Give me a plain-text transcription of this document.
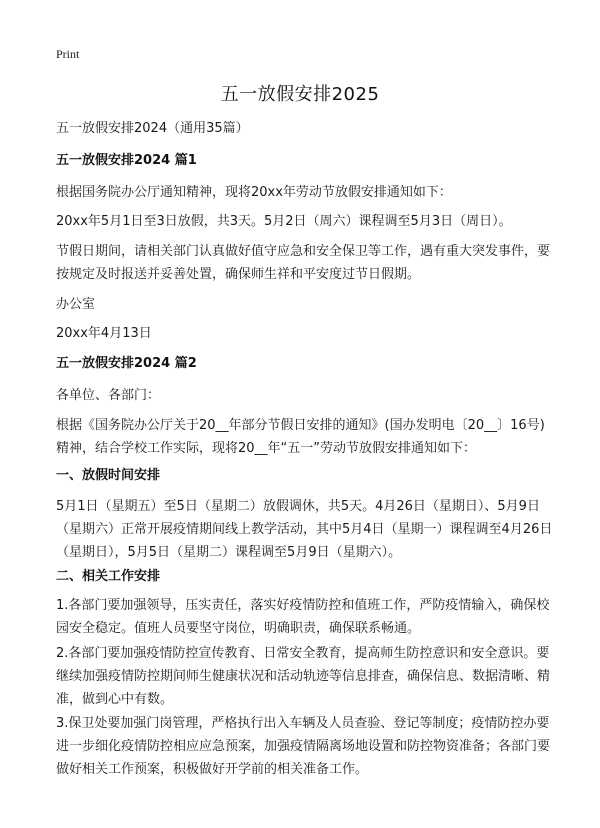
Print
五一放假安排2025
五一放假安排2024（通用35篇）
五一放假安排2024 篇1
根据国务院办公厅通知精神，现将20xx年劳动节放假安排通知如下：
20xx年5月1日至3日放假，共3天。5月2日（周六）课程调至5月3日（周日）。
节假日期间，请相关部门认真做好值守应急和安全保卫等工作，遇有重大突发事件，要按规定及时报送并妥善处置，确保师生祥和平安度过节日假期。
办公室
20xx年4月13日
五一放假安排2024 篇2
各单位、各部门：
根据《国务院办公厅关于20__年部分节假日安排的通知》(国办发明电〔20__〕16号)精神，结合学校工作实际，现将20__年“五一”劳动节放假安排通知如下：
一、放假时间安排
5月1日（星期五）至5日（星期二）放假调休，共5天。4月26日（星期日）、5月9日（星期六）正常开展疫情期间线上教学活动，其中5月4日（星期一）课程调至4月26日（星期日），5月5日（星期二）课程调至5月9日（星期六）。
二、相关工作安排
1.各部门要加强领导，压实责任，落实好疫情防控和值班工作，严防疫情输入，确保校园安全稳定。值班人员要坚守岗位，明确职责，确保联系畅通。
2.各部门要加强疫情防控宣传教育、日常安全教育，提高师生防控意识和安全意识。要继续加强疫情防控期间师生健康状况和活动轨迹等信息排查，确保信息、数据清晰、精准，做到心中有数。
3.保卫处要加强门岗管理，严格执行出入车辆及人员查验、登记等制度；疫情防控办要进一步细化疫情防控相应应急预案，加强疫情隔离场地设置和防控物资准备；各部门要做好相关工作预案，积极做好开学前的相关准备工作。
